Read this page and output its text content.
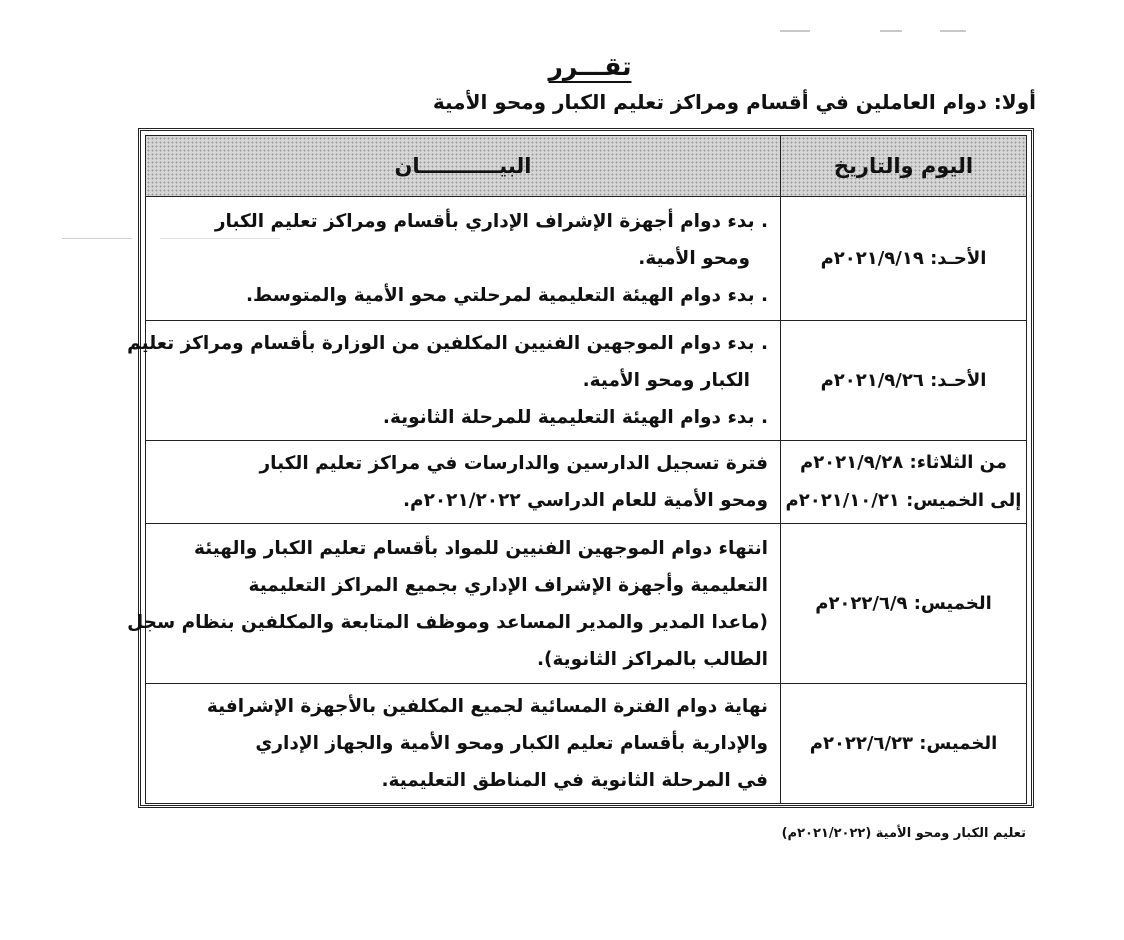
تقـــرر
أولا: دوام العاملين في أقسام ومراكز تعليم الكبار ومحو الأمية
اليوم والتاريخ	البيـــــــــــان

الأحـد: ٢٠٢١/٩/١٩م	. بدء دوام أجهزة الإشراف الإداري بأقسام ومراكز تعليم الكبار
ومحو الأمية.
. بدء دوام الهيئة التعليمية لمرحلتي محو الأمية والمتوسط.

الأحـد: ٢٠٢١/٩/٢٦م	. بدء دوام الموجهين الفنيين المكلفين من الوزارة بأقسام ومراكز تعليم
الكبار ومحو الأمية.
. بدء دوام الهيئة التعليمية للمرحلة الثانوية.

من الثلاثاء: ٢٠٢١/٩/٢٨م
إلى الخميس: ٢٠٢١/١٠/٢١م	فترة تسجيل الدارسين والدارسات في مراكز تعليم الكبار
ومحو الأمية للعام الدراسي ٢٠٢١/٢٠٢٢م.

الخميس: ٢٠٢٢/٦/٩م	انتهاء دوام الموجهين الفنيين للمواد بأقسام تعليم الكبار والهيئة
التعليمية وأجهزة الإشراف الإداري بجميع المراكز التعليمية
(ماعدا المدير والمدير المساعد وموظف المتابعة والمكلفين بنظام سجل
الطالب بالمراكز الثانوية).

الخميس: ٢٠٢٢/٦/٢٣م	نهاية دوام الفترة المسائية لجميع المكلفين بالأجهزة الإشرافية
والإدارية بأقسام تعليم الكبار ومحو الأمية والجهاز الإداري
في المرحلة الثانوية في المناطق التعليمية.
تعليم الكبار ومحو الأمية (٢٠٢١/٢٠٢٢م)
